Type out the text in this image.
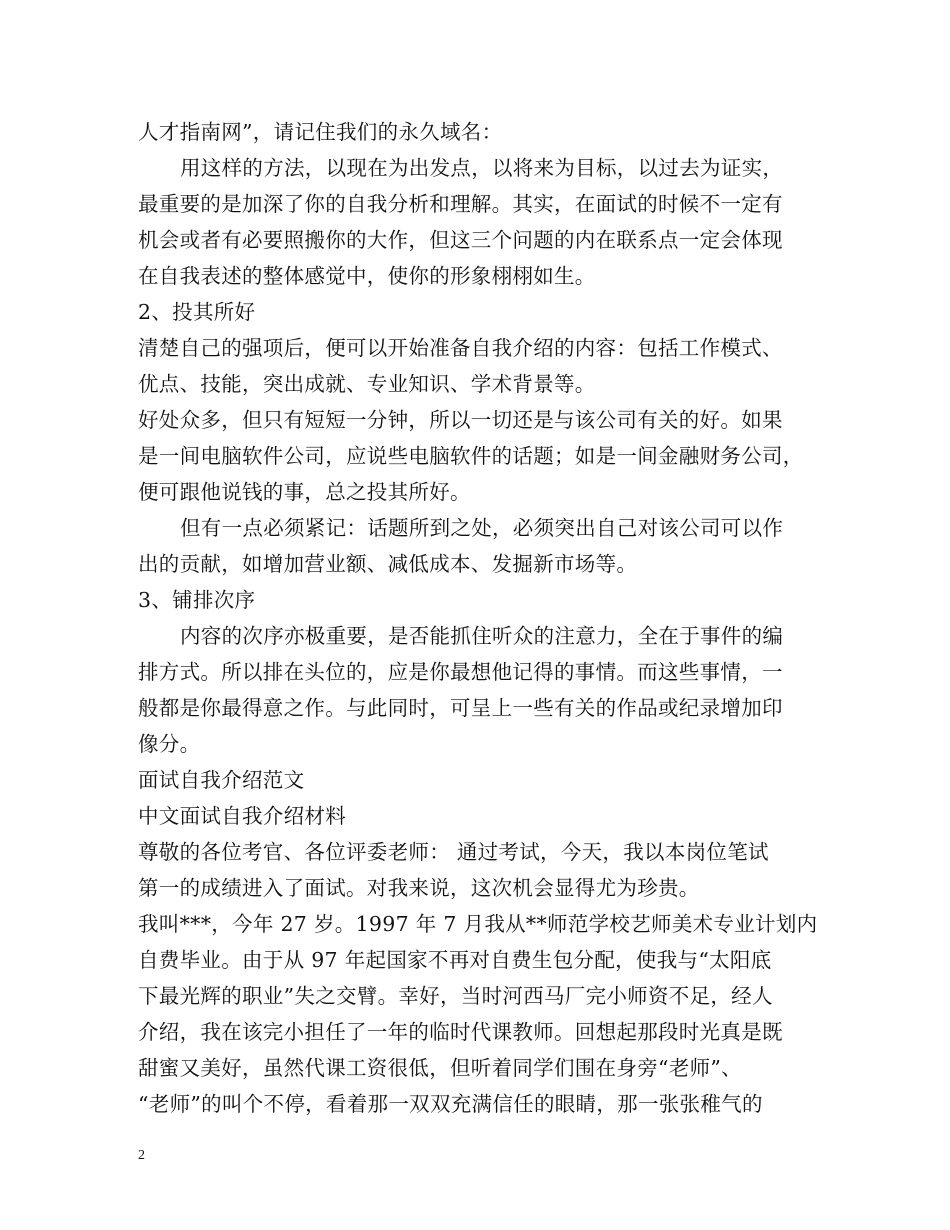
人才指南网”，请记住我们的永久域名：
用这样的方法，以现在为出发点，以将来为目标，以过去为证实，
最重要的是加深了你的自我分析和理解。其实，在面试的时候不一定有
机会或者有必要照搬你的大作，但这三个问题的内在联系点一定会体现
在自我表述的整体感觉中，使你的形象栩栩如生。
2、投其所好
清楚自己的强项后，便可以开始准备自我介绍的内容：包括工作模式、
优点、技能，突出成就、专业知识、学术背景等。
好处众多，但只有短短一分钟，所以一切还是与该公司有关的好。如果
是一间电脑软件公司，应说些电脑软件的话题；如是一间金融财务公司，
便可跟他说钱的事，总之投其所好。
但有一点必须紧记：话题所到之处，必须突出自己对该公司可以作
出的贡献，如增加营业额、减低成本、发掘新市场等。
3、铺排次序
内容的次序亦极重要，是否能抓住听众的注意力，全在于事件的编
排方式。所以排在头位的，应是你最想他记得的事情。而这些事情，一
般都是你最得意之作。与此同时，可呈上一些有关的作品或纪录增加印
像分。
面试自我介绍范文
中文面试自我介绍材料
尊敬的各位考官、各位评委老师： 通过考试，今天，我以本岗位笔试
第一的成绩进入了面试。对我来说，这次机会显得尤为珍贵。
我叫***，今年 27 岁。1997 年 7 月我从**师范学校艺师美术专业计划内
自费毕业。由于从 97 年起国家不再对自费生包分配，使我与“太阳底
下最光辉的职业”失之交臂。幸好，当时河西马厂完小师资不足，经人
介绍，我在该完小担任了一年的临时代课教师。回想起那段时光真是既
甜蜜又美好，虽然代课工资很低，但听着同学们围在身旁“老师”、
“老师”的叫个不停，看着那一双双充满信任的眼睛，那一张张稚气的
2
